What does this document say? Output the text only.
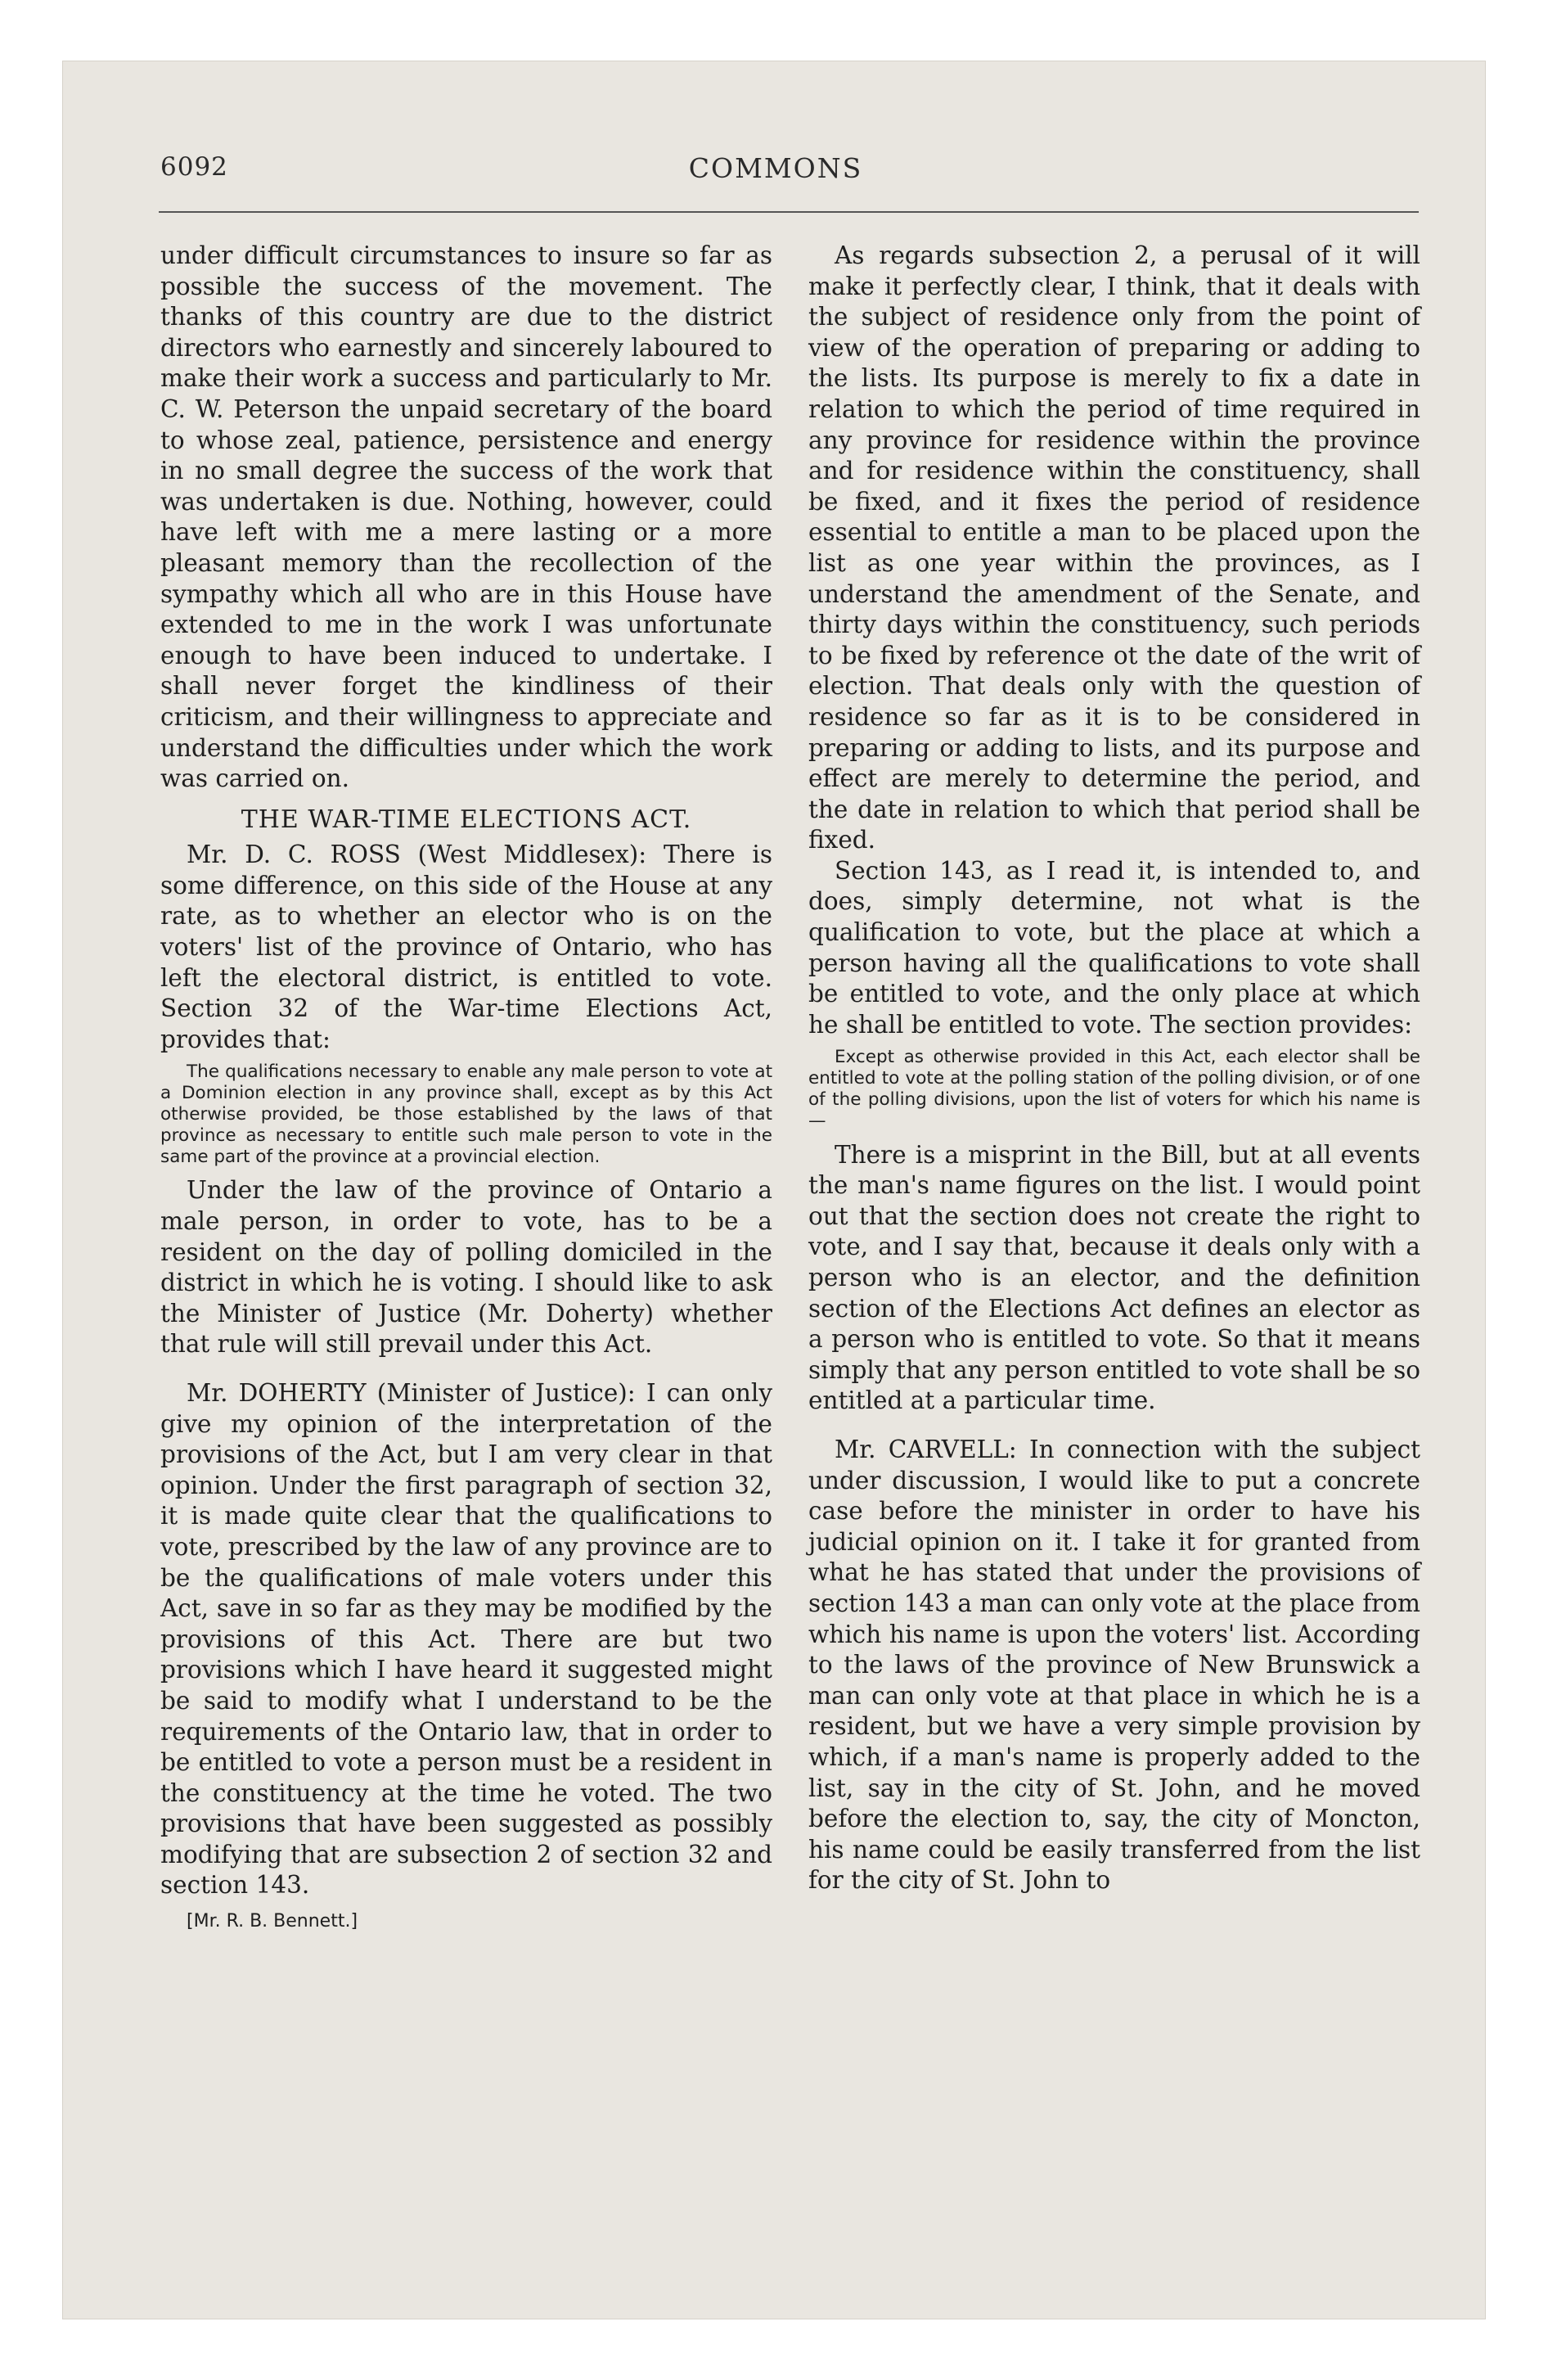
6092	COMMONS

under difficult circumstances to insure so far as possible the success of the movement. The thanks of this country are due to the district directors who earnestly and sincerely laboured to make their work a success and particularly to Mr. C. W. Peterson the unpaid secretary of the board to whose zeal, patience, persistence and energy in no small degree the success of the work that was undertaken is due. Nothing, however, could have left with me a mere lasting or a more pleasant memory than the recollection of the sympathy which all who are in this House have extended to me in the work I was unfortunate enough to have been induced to undertake. I shall never forget the kindliness of their criticism, and their willingness to appreciate and understand the difficulties under which the work was carried on.

THE WAR-TIME ELECTIONS ACT.

Mr. D. C. ROSS (West Middlesex): There is some difference, on this side of the House at any rate, as to whether an elector who is on the voters' list of the province of Ontario, who has left the electoral district, is entitled to vote. Section 32 of the War-time Elections Act, provides that:

The qualifications necessary to enable any male person to vote at a Dominion election in any province shall, except as by this Act otherwise provided, be those established by the laws of that province as necessary to entitle such male person to vote in the same part of the province at a provincial election.

Under the law of the province of Ontario a male person, in order to vote, has to be a resident on the day of polling domiciled in the district in which he is voting. I should like to ask the Minister of Justice (Mr. Doherty) whether that rule will still prevail under this Act.

Mr. DOHERTY (Minister of Justice): I can only give my opinion of the interpretation of the provisions of the Act, but I am very clear in that opinion. Under the first paragraph of section 32, it is made quite clear that the qualifications to vote, prescribed by the law of any province are to be the qualifications of male voters under this Act, save in so far as they may be modified by the provisions of this Act. There are but two provisions which I have heard it suggested might be said to modify what I understand to be the requirements of the Ontario law, that in order to be entitled to vote a person must be a resident in the constituency at the time he voted. The two provisions that have been suggested as possibly modifying that are subsection 2 of section 32 and section 143.

[Mr. R. B. Bennett.]

As regards subsection 2, a perusal of it will make it perfectly clear, I think, that it deals with the subject of residence only from the point of view of the operation of preparing or adding to the lists. Its purpose is merely to fix a date in relation to which the period of time required in any province for residence within the province and for residence within the constituency, shall be fixed, and it fixes the period of residence essential to entitle a man to be placed upon the list as one year within the provinces, as I understand the amendment of the Senate, and thirty days within the constituency, such periods to be fixed by reference ot the date of the writ of election. That deals only with the question of residence so far as it is to be considered in preparing or adding to lists, and its purpose and effect are merely to determine the period, and the date in relation to which that period shall be fixed.

Section 143, as I read it, is intended to, and does, simply determine, not what is the qualification to vote, but the place at which a person having all the qualifications to vote shall be entitled to vote, and the only place at which he shall be entitled to vote. The section provides:

Except as otherwise provided in this Act, each elector shall be entitled to vote at the polling station of the polling division, or of one of the polling divisions, upon the list of voters for which his name is—

There is a misprint in the Bill, but at all events the man's name figures on the list. I would point out that the section does not create the right to vote, and I say that, because it deals only with a person who is an elector, and the definition section of the Elections Act defines an elector as a person who is entitled to vote. So that it means simply that any person entitled to vote shall be so entitled at a particular time.

Mr. CARVELL: In connection with the subject under discussion, I would like to put a concrete case before the minister in order to have his judicial opinion on it. I take it for granted from what he has stated that under the provisions of section 143 a man can only vote at the place from which his name is upon the voters' list. According to the laws of the province of New Brunswick a man can only vote at that place in which he is a resident, but we have a very simple provision by which, if a man's name is properly added to the list, say in the city of St. John, and he moved before the election to, say, the city of Moncton, his name could be easily transferred from the list for the city of St. John to
